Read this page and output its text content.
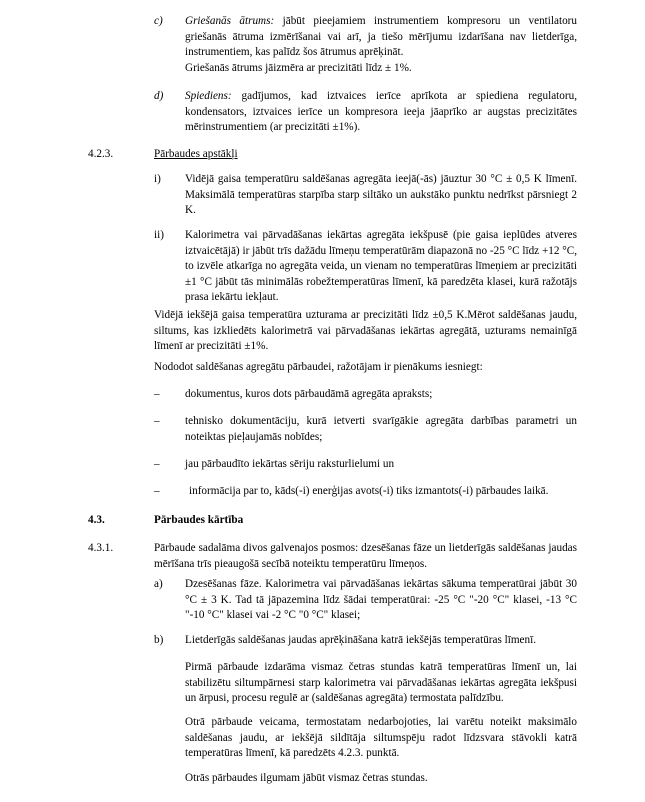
c) Griešanās ātrums: jābūt pieejamiem instrumentiem kompresoru un ventilatoru griešanās ātruma izmērīšanai vai arī, ja tiešo mērījumu izdarīšana nav lietderīga, instrumentiem, kas palīdz šos ātrumus aprēķināt.

Griešanās ātrums jāizmēra ar precizitāti līdz ± 1%.

d) Spiediens: gadījumos, kad iztvaices ierīce aprīkota ar spiediena regulatoru, kondensators, iztvaices ierīce un kompresora ieeja jāaprīko ar augstas precizitātes mērinstrumentiem (ar precizitāti ±1%).

4.2.3.	Pārbaudes apstākļi
i) Vidējā gaisa temperatūru saldēšanas agregāta ieejā(-ās) jāuztur 30 °C ± 0,5 K līmenī. Maksimālā temperatūras starpība starp siltāko un aukstāko punktu nedrīkst pārsniegt 2 K.
ii) Kalorimetra vai pārvadāšanas iekārtas agregāta iekšpusē (pie gaisa ieplūdes atveres iztvaicētājā) ir jābūt trīs dažādu līmeņu temperatūrām diapazonā no -25 °C līdz +12 °C, to izvēle atkarīga no agregāta veida, un vienam no temperatūras līmeņiem ar precizitāti ±1 °C jābūt tās minimālās robežtemperatūras līmenī, kā paredzēta klasei, kurā ražotājs prasa iekārtu iekļaut.
Vidējā iekšējā gaisa temperatūra uzturama ar precizitāti līdz ±0,5 K.Mērot saldēšanas jaudu, siltums, kas izkliedēts kalorimetrā vai pārvadāšanas iekārtas agregātā, uzturams nemainīgā līmenī ar precizitāti ±1%.
Nododot saldēšanas agregātu pārbaudei, ražotājam ir pienākums iesniegt:
– dokumentus, kuros dots pārbaudāmā agregāta apraksts;
– tehnisko dokumentāciju, kurā ietverti svarīgākie agregāta darbības parametri un noteiktas pieļaujamās nobīdes;
– jau pārbaudīto iekārtas sēriju raksturlielumi un
–	informācija par to, kāds(-i) enerģijas avots(-i) tiks izmantots(-i) pārbaudes laikā.
4.3.	Pārbaudes kārtība
4.3.1.	Pārbaude sadalāma divos galvenajos posmos: dzesēšanas fāze un lietderīgās saldēšanas jaudas mērīšana trīs pieaugošā secībā noteiktu temperatūru līmeņos.
a) Dzesēšanas fāze. Kalorimetra vai pārvadāšanas iekārtas sākuma temperatūrai jābūt 30 °C ± 3 K. Tad tā jāpazemina līdz šādai temperatūrai: -25 °C "-20 °C" klasei, -13 °C "-10 °C" klasei vai -2 °C "0 °C" klasei;
b) Lietderīgās saldēšanas jaudas aprēķināšana katrā iekšējās temperatūras līmenī.
Pirmā pārbaude izdarāma vismaz četras stundas katrā temperatūras līmenī un, lai stabilizētu siltumpārnesi starp kalorimetra vai pārvadāšanas iekārtas agregāta iekšpusi un ārpusi, procesu regulē ar (saldēšanas agregāta) termostata palīdzību.
Otrā pārbaude veicama, termostatam nedarbojoties, lai varētu noteikt maksimālo saldēšanas jaudu, ar iekšējā sildītāja siltumspēju radot līdzsvara stāvokli katrā temperatūras līmenī, kā paredzēts 4.2.3. punktā.
Otrās pārbaudes ilgumam jābūt vismaz četras stundas.
